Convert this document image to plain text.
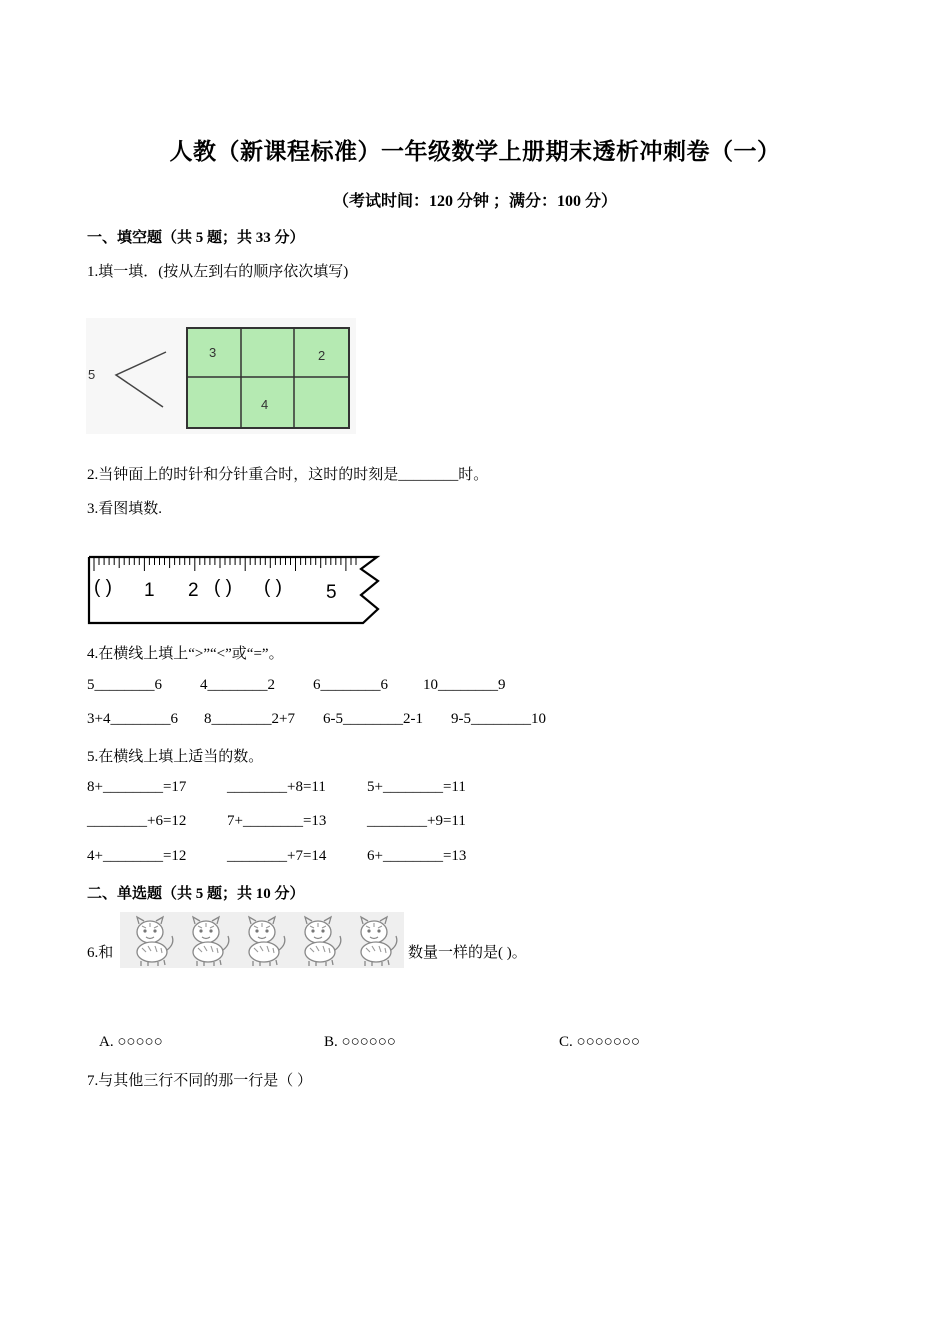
人教（新课程标准）一年级数学上册期末透析冲刺卷（一）
（考试时间：120 分钟 ；满分：100 分）
一、填空题（共 5 题；共 33 分）
1.填一填．(按从左到右的顺序依次填写)
5
3	2
4
2.当钟面上的时针和分针重合时，这时的时刻是________时。
3.看图填数.
( ) 1 2 ( ) ( ) 5
4.在横线上填上“>”“<”或“=”。
5________6	4________2	6________6 10________9
3+4________6 8________2+7 6-5________2-1 9-5________10
5.在横线上填上适当的数。
8+________=17	________+8=11	5+________=11
________+6=12	7+________=13	________+9=11
4+________=12	________+7=14	6+________=13
二、单选题（共 5 题；共 10 分）
6.和	数量一样的是( )。
A. ○○○○○	B. ○○○○○○	C. ○○○○○○○
7.与其他三行不同的那一行是（ ）
